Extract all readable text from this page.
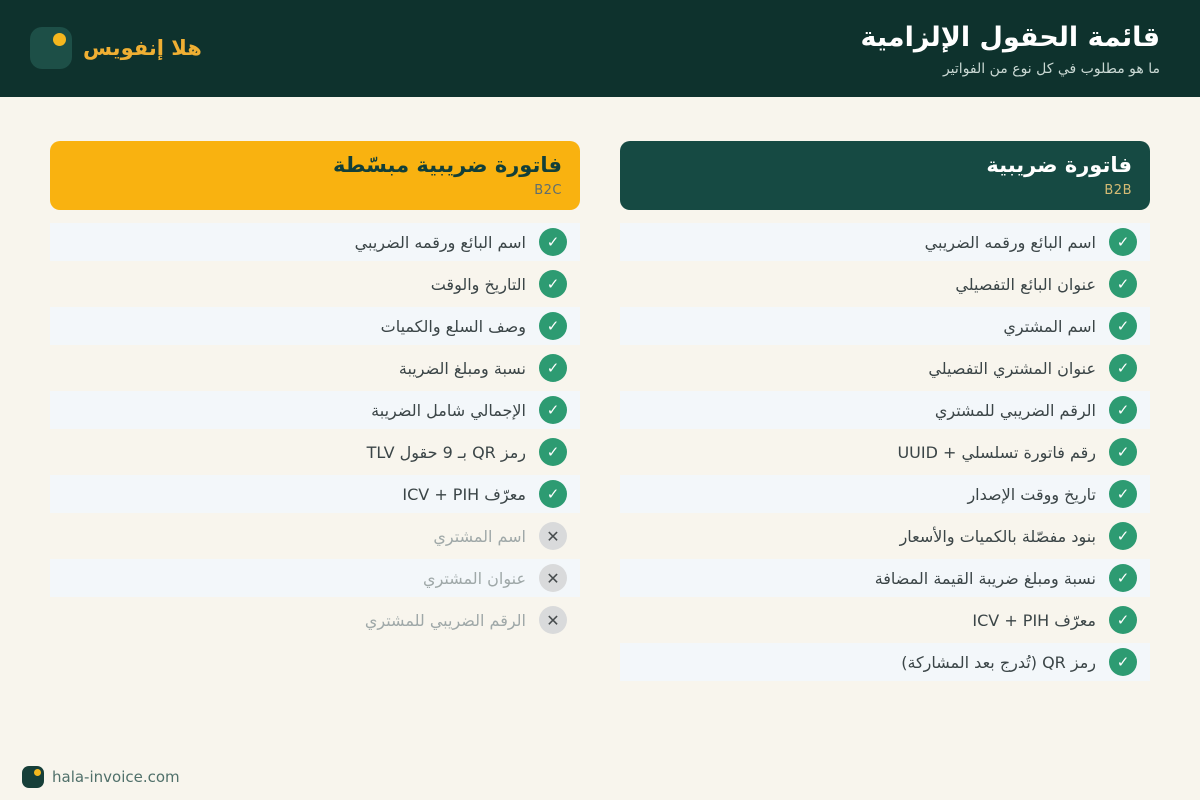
قائمة الحقول الإلزامية
ما هو مطلوب في كل نوع من الفواتير
هلا إنفويس
فاتورة ضريبية
B2B
✓
اسم البائع ورقمه الضريبي
✓
عنوان البائع التفصيلي
✓
اسم المشتري
✓
عنوان المشتري التفصيلي
✓
الرقم الضريبي للمشتري
✓
رقم فاتورة تسلسلي + UUID
✓
تاريخ ووقت الإصدار
✓
بنود مفصّلة بالكميات والأسعار
✓
نسبة ومبلغ ضريبة القيمة المضافة
✓
معرّف ICV + PIH
✓
رمز QR (تُدرج بعد المشاركة)
فاتورة ضريبية مبسّطة
B2C
✓
اسم البائع ورقمه الضريبي
✓
التاريخ والوقت
✓
وصف السلع والكميات
✓
نسبة ومبلغ الضريبة
✓
الإجمالي شامل الضريبة
✓
رمز QR بـ 9 حقول TLV
✓
معرّف ICV + PIH
✕
اسم المشتري
✕
عنوان المشتري
✕
الرقم الضريبي للمشتري
hala-invoice.com
